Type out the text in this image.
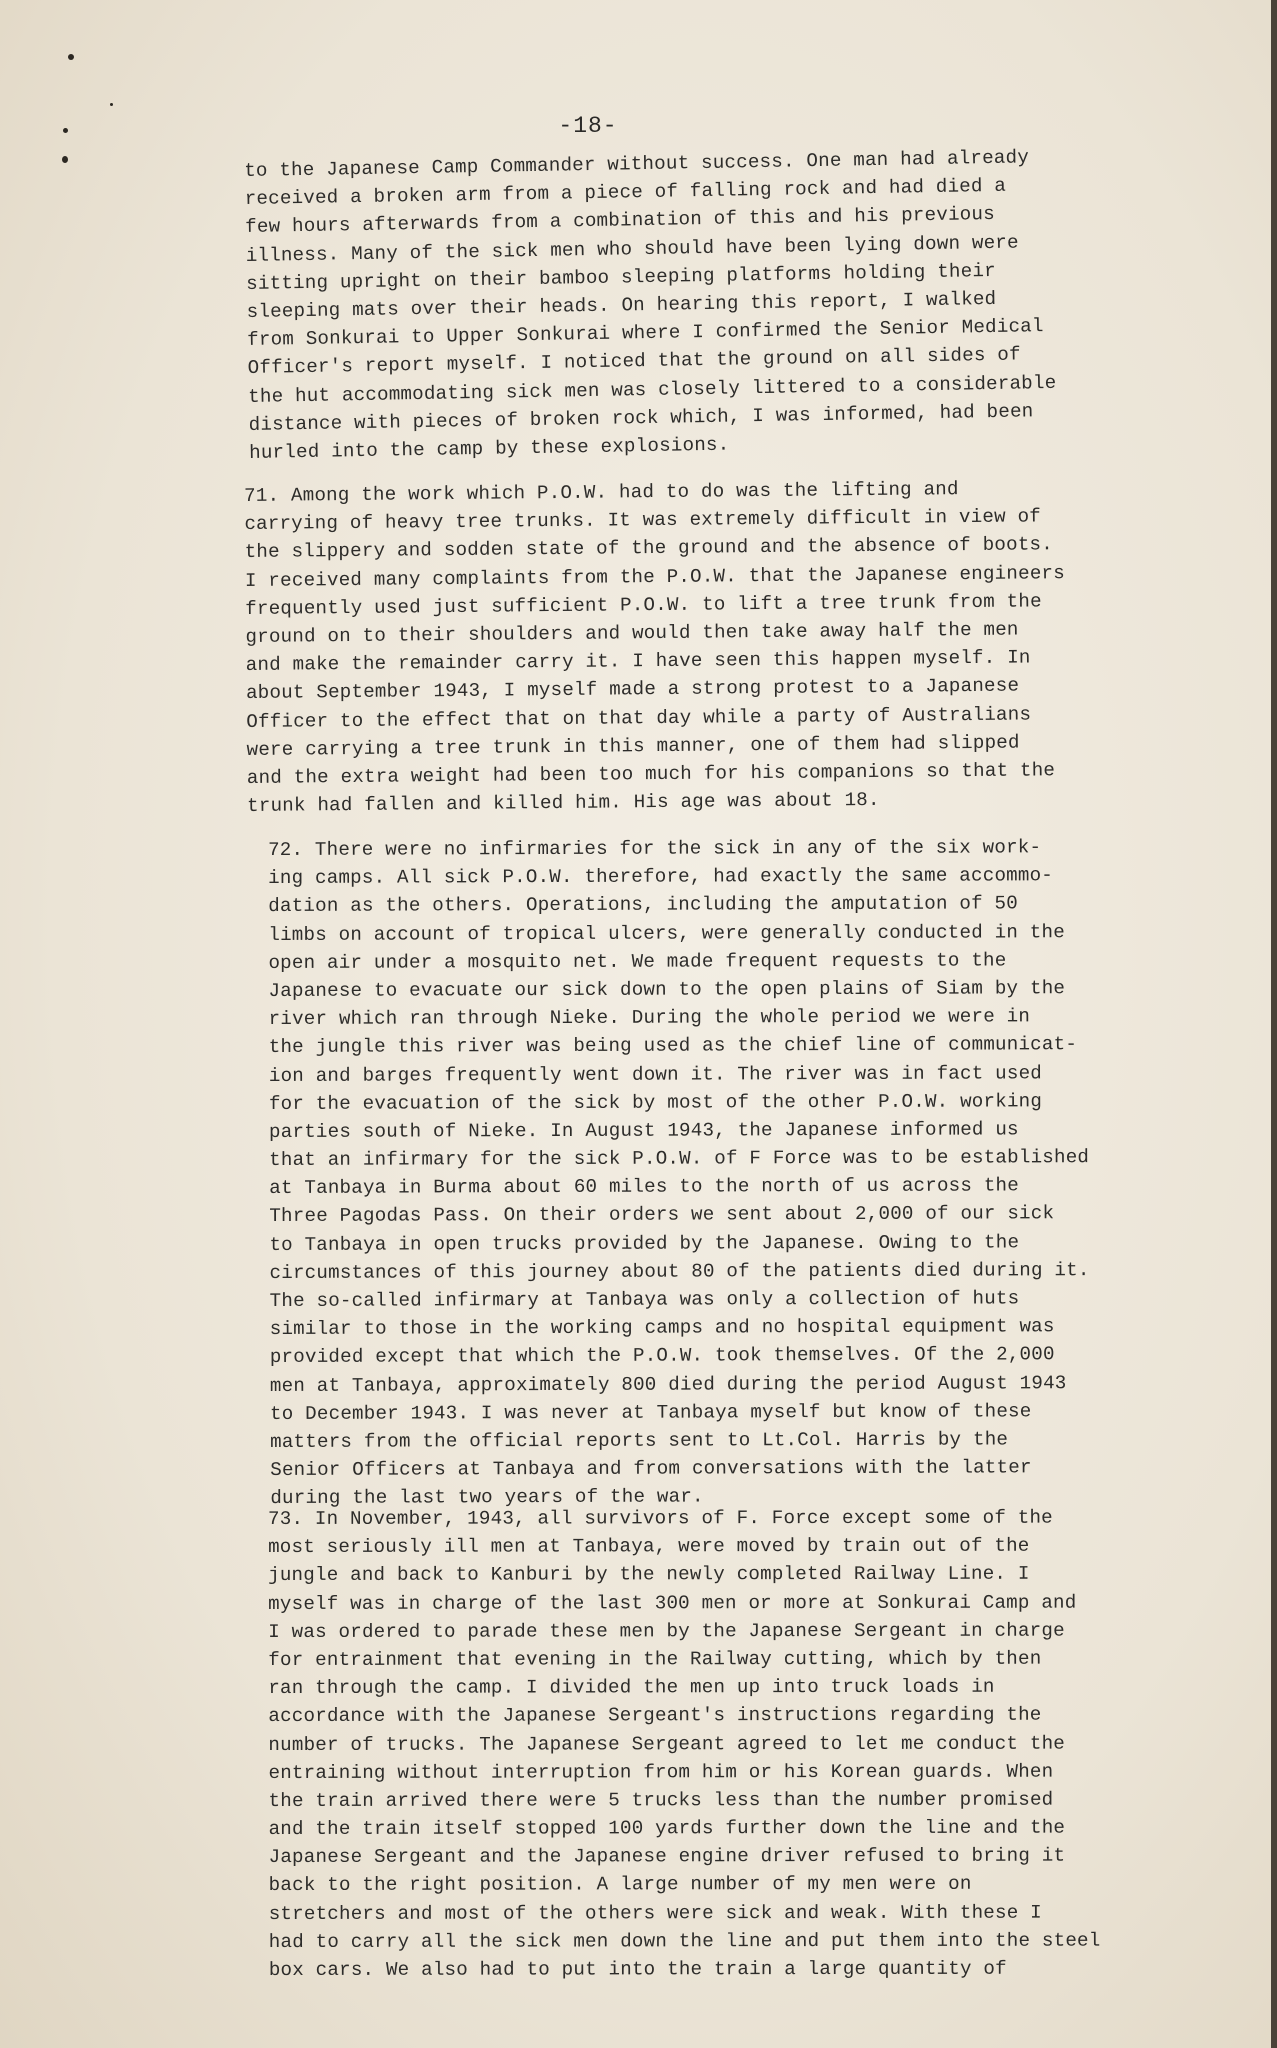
-18-
to the Japanese Camp Commander without success. One man had already
received a broken arm from a piece of falling rock and had died a
few hours afterwards from a combination of this and his previous
illness. Many of the sick men who should have been lying down were
sitting upright on their bamboo sleeping platforms holding their
sleeping mats over their heads. On hearing this report, I walked
from Sonkurai to Upper Sonkurai where I confirmed the Senior Medical
Officer's report myself. I noticed that the ground on all sides of
the hut accommodating sick men was closely littered to a considerable
distance with pieces of broken rock which, I was informed, had been
hurled into the camp by these explosions.
71. Among the work which P.O.W. had to do was the lifting and
carrying of heavy tree trunks. It was extremely difficult in view of
the slippery and sodden state of the ground and the absence of boots.
I received many complaints from the P.O.W. that the Japanese engineers
frequently used just sufficient P.O.W. to lift a tree trunk from the
ground on to their shoulders and would then take away half the men
and make the remainder carry it. I have seen this happen myself. In
about September 1943, I myself made a strong protest to a Japanese
Officer to the effect that on that day while a party of Australians
were carrying a tree trunk in this manner, one of them had slipped
and the extra weight had been too much for his companions so that the
trunk had fallen and killed him. His age was about 18.
72. There were no infirmaries for the sick in any of the six work-
ing camps. All sick P.O.W. therefore, had exactly the same accommo-
dation as the others. Operations, including the amputation of 50
limbs on account of tropical ulcers, were generally conducted in the
open air under a mosquito net. We made frequent requests to the
Japanese to evacuate our sick down to the open plains of Siam by the
river which ran through Nieke. During the whole period we were in
the jungle this river was being used as the chief line of communicat-
ion and barges frequently went down it. The river was in fact used
for the evacuation of the sick by most of the other P.O.W. working
parties south of Nieke. In August 1943, the Japanese informed us
that an infirmary for the sick P.O.W. of F Force was to be established
at Tanbaya in Burma about 60 miles to the north of us across the
Three Pagodas Pass. On their orders we sent about 2,000 of our sick
to Tanbaya in open trucks provided by the Japanese. Owing to the
circumstances of this journey about 80 of the patients died during it.
The so-called infirmary at Tanbaya was only a collection of huts
similar to those in the working camps and no hospital equipment was
provided except that which the P.O.W. took themselves. Of the 2,000
men at Tanbaya, approximately 800 died during the period August 1943
to December 1943. I was never at Tanbaya myself but know of these
matters from the official reports sent to Lt.Col. Harris by the
Senior Officers at Tanbaya and from conversations with the latter
during the last two years of the war.
73. In November, 1943, all survivors of F. Force except some of the
most seriously ill men at Tanbaya, were moved by train out of the
jungle and back to Kanburi by the newly completed Railway Line. I
myself was in charge of the last 300 men or more at Sonkurai Camp and
I was ordered to parade these men by the Japanese Sergeant in charge
for entrainment that evening in the Railway cutting, which by then
ran through the camp. I divided the men up into truck loads in
accordance with the Japanese Sergeant's instructions regarding the
number of trucks. The Japanese Sergeant agreed to let me conduct the
entraining without interruption from him or his Korean guards. When
the train arrived there were 5 trucks less than the number promised
and the train itself stopped 100 yards further down the line and the
Japanese Sergeant and the Japanese engine driver refused to bring it
back to the right position. A large number of my men were on
stretchers and most of the others were sick and weak. With these I
had to carry all the sick men down the line and put them into the steel
box cars. We also had to put into the train a large quantity of
